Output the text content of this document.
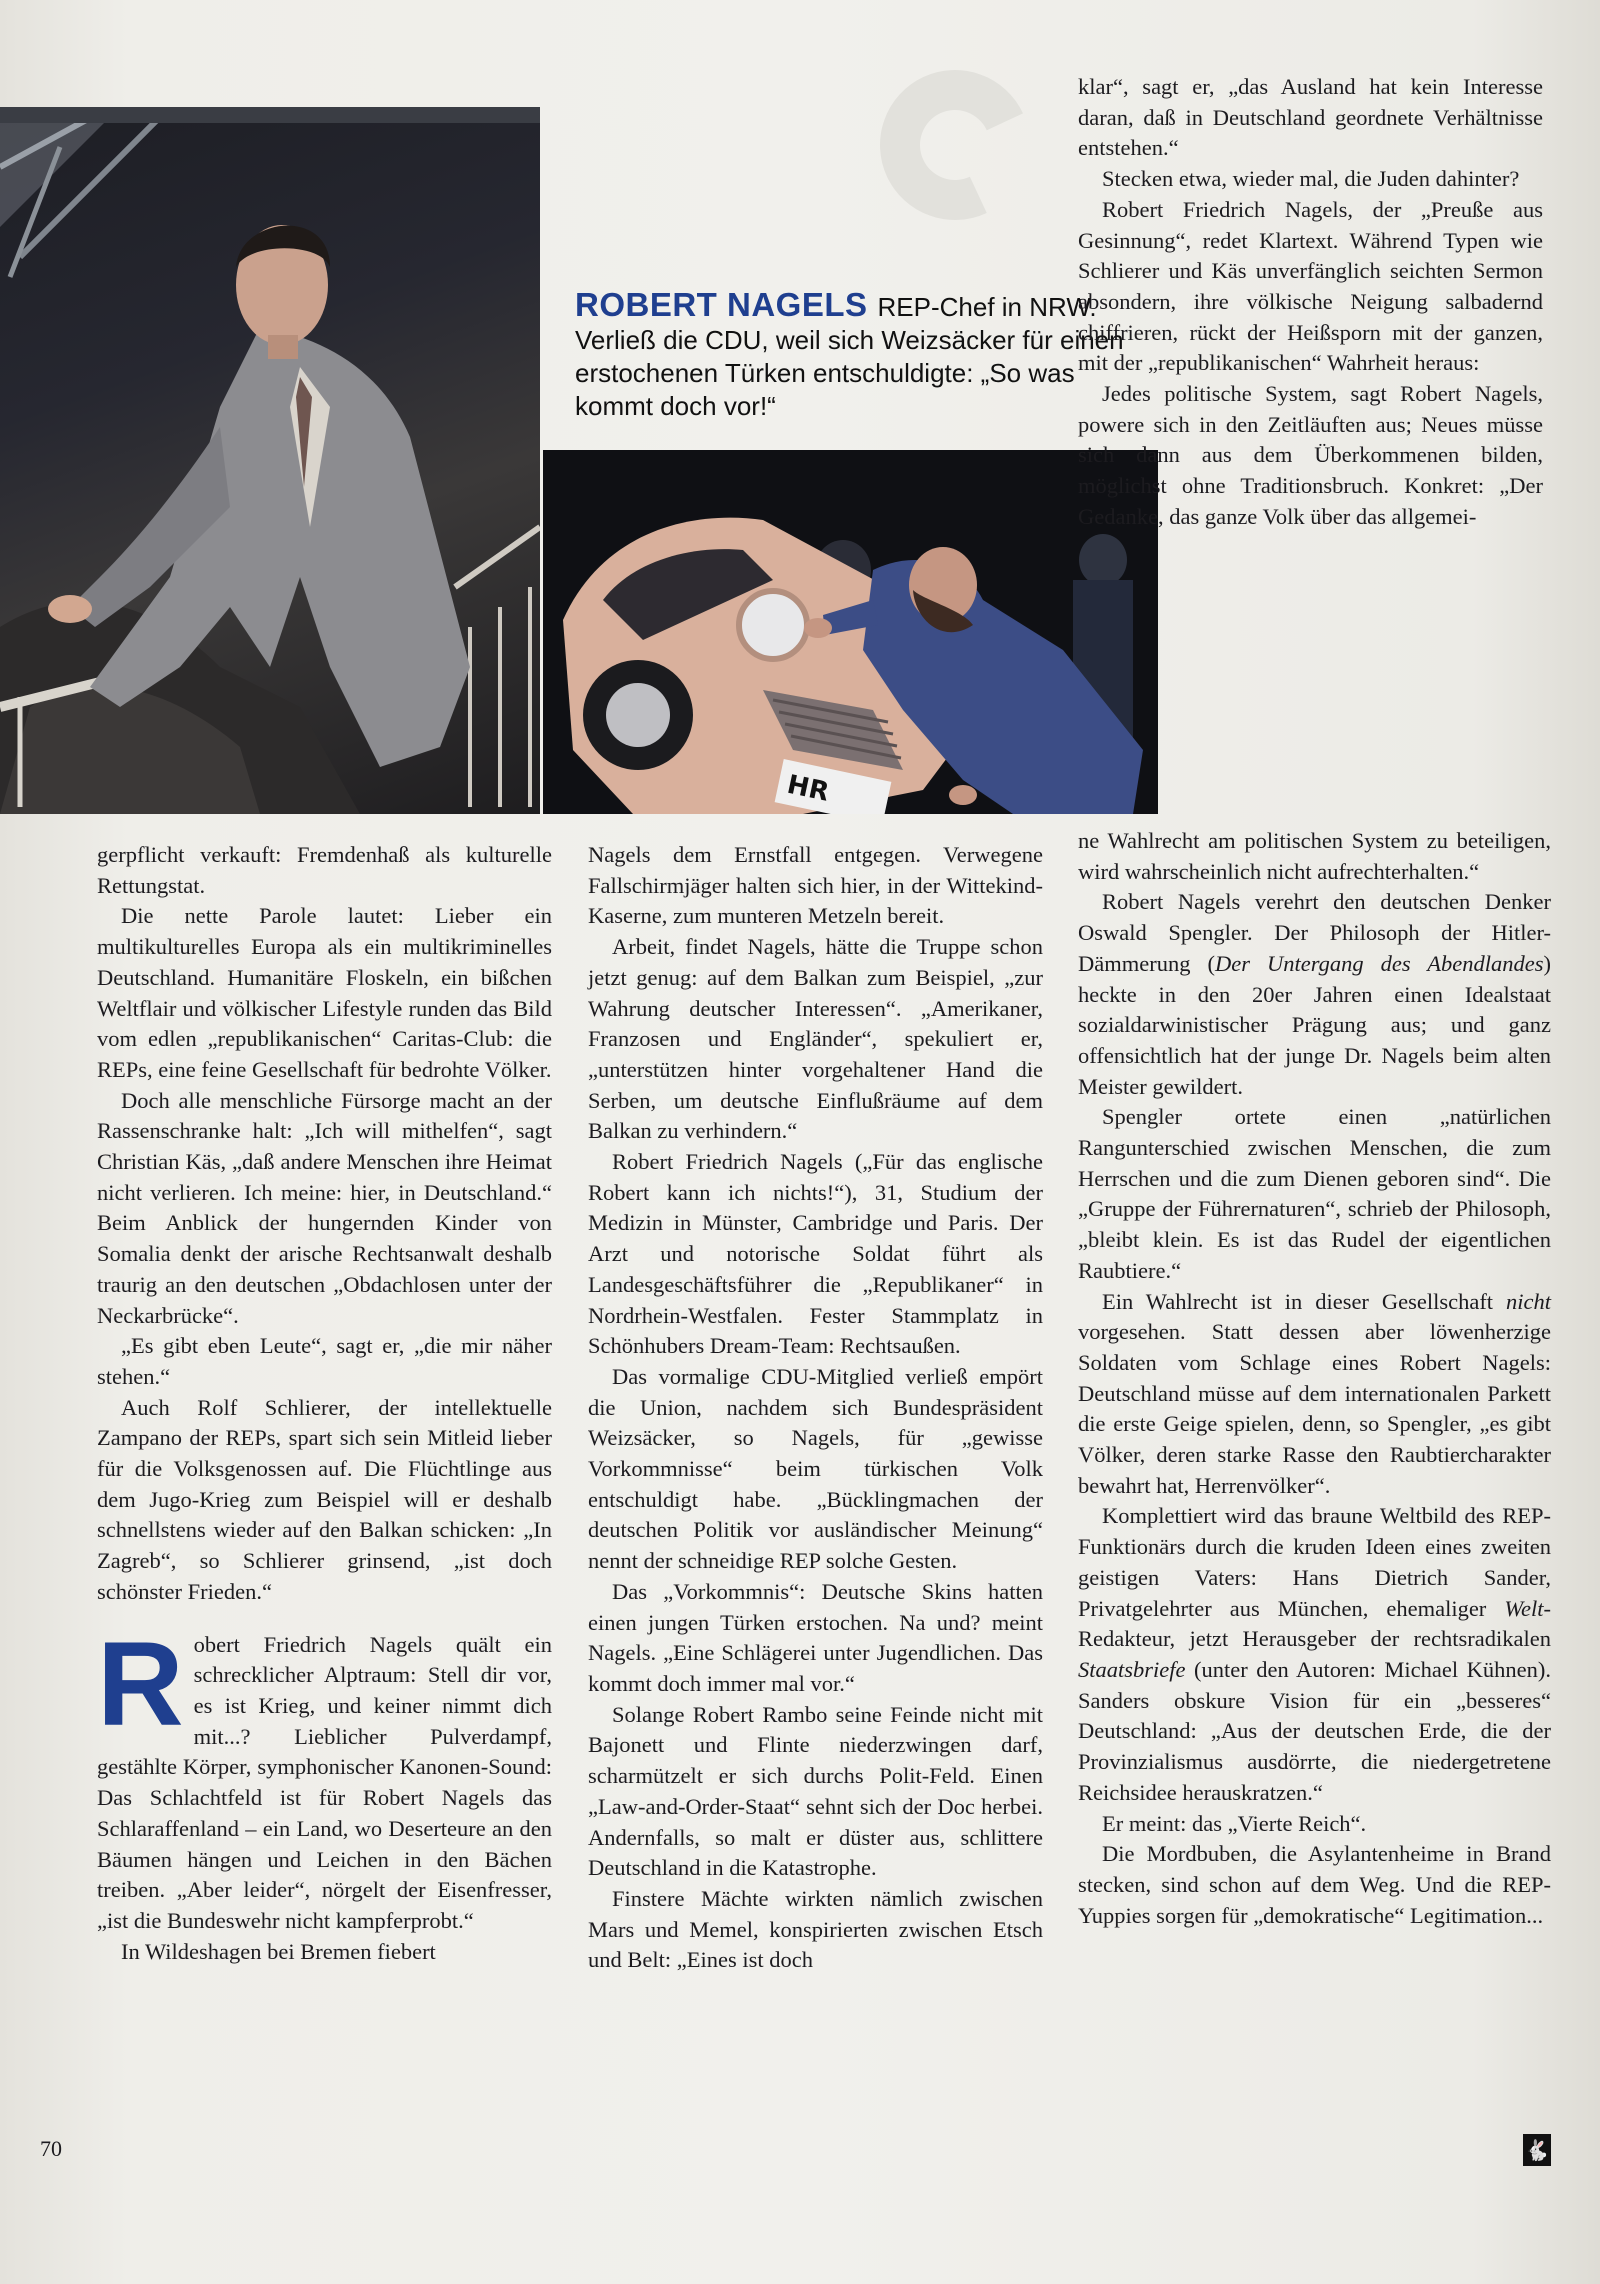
HR
ROBERT NAGELS REP-Chef in NRW. Verließ die CDU, weil sich Weizsäcker für einen erstochenen Türken entschuldigte: „So was kommt doch vor!“

gerpflicht verkauft: Fremdenhaß als kulturelle Rettungstat.

Die nette Parole lautet: Lieber ein multikulturelles Europa als ein multikriminelles Deutschland. Humanitäre Floskeln, ein bißchen Weltflair und völkischer Lifestyle runden das Bild vom edlen „republikanischen“ Caritas-Club: die REPs, eine feine Gesellschaft für bedrohte Völker.

Doch alle menschliche Fürsorge macht an der Rassenschranke halt: „Ich will mithelfen“, sagt Christian Käs, „daß andere Menschen ihre Heimat nicht verlieren. Ich meine: hier, in Deutschland.“ Beim Anblick der hungernden Kinder von Somalia denkt der arische Rechtsanwalt deshalb traurig an den deutschen „Obdachlosen unter der Neckarbrücke“.

„Es gibt eben Leute“, sagt er, „die mir näher stehen.“

Auch Rolf Schlierer, der intellektuelle Zampano der REPs, spart sich sein Mitleid lieber für die Volksgenossen auf. Die Flüchtlinge aus dem Jugo-Krieg zum Beispiel will er deshalb schnellstens wieder auf den Balkan schicken: „In Zagreb“, so Schlierer grinsend, „ist doch schönster Frieden.“

R obert Friedrich Nagels quält ein schrecklicher Alptraum: Stell dir vor, es ist Krieg, und keiner nimmt dich mit...? Lieblicher Pulverdampf, gestählte Körper, symphonischer Kanonen-Sound: Das Schlachtfeld ist für Robert Nagels das Schlaraffenland – ein Land, wo Deserteure an den Bäumen hängen und Leichen in den Bächen treiben. „Aber leider“, nörgelt der Eisenfresser, „ist die Bundeswehr nicht kampferprobt.“

In Wildeshagen bei Bremen fiebert

Nagels dem Ernstfall entgegen. Verwegene Fallschirmjäger halten sich hier, in der Wittekind-Kaserne, zum munteren Metzeln bereit.

Arbeit, findet Nagels, hätte die Truppe schon jetzt genug: auf dem Balkan zum Beispiel, „zur Wahrung deutscher Interessen“. „Amerikaner, Franzosen und Engländer“, spekuliert er, „unterstützen hinter vorgehaltener Hand die Serben, um deutsche Einflußräume auf dem Balkan zu verhindern.“

Robert Friedrich Nagels („Für das englische Robert kann ich nichts!“), 31, Studium der Medizin in Münster, Cambridge und Paris. Der Arzt und notorische Soldat führt als Landesgeschäftsführer die „Republikaner“ in Nordrhein-Westfalen. Fester Stammplatz in Schönhubers Dream-Team: Rechtsaußen.

Das vormalige CDU-Mitglied verließ empört die Union, nachdem sich Bundespräsident Weizsäcker, so Nagels, für „gewisse Vorkommnisse“ beim türkischen Volk entschuldigt habe. „Bücklingmachen der deutschen Politik vor ausländischer Meinung“ nennt der schneidige REP solche Gesten.

Das „Vorkommnis“: Deutsche Skins hatten einen jungen Türken erstochen. Na und? meint Nagels. „Eine Schlägerei unter Jugendlichen. Das kommt doch immer mal vor.“

Solange Robert Rambo seine Feinde nicht mit Bajonett und Flinte niederzwingen darf, scharmützelt er sich durchs Polit-Feld. Einen „Law-and-Order-Staat“ sehnt sich der Doc herbei. Andernfalls, so malt er düster aus, schlittere Deutschland in die Katastrophe.

Finstere Mächte wirkten nämlich zwischen Mars und Memel, konspirierten zwischen Etsch und Belt: „Eines ist doch

klar“, sagt er, „das Ausland hat kein Interesse daran, daß in Deutschland geordnete Verhältnisse entstehen.“

Stecken etwa, wieder mal, die Juden dahinter?

Robert Friedrich Nagels, der „Preuße aus Gesinnung“, redet Klartext. Während Typen wie Schlierer und Käs unverfänglich seichten Sermon absondern, ihre völkische Neigung salbadernd chiffrieren, rückt der Heißsporn mit der ganzen, mit der „republikanischen“ Wahrheit heraus:

Jedes politische System, sagt Robert Nagels, powere sich in den Zeitläuften aus; Neues müsse sich dann aus dem Überkommenen bilden, möglichst ohne Traditionsbruch. Konkret: „Der Gedanke, das ganze Volk über das allgemei-

ne Wahlrecht am politischen System zu beteiligen, wird wahrscheinlich nicht aufrechterhalten.“

Robert Nagels verehrt den deutschen Denker Oswald Spengler. Der Philosoph der Hitler-Dämmerung (Der Untergang des Abendlandes) heckte in den 20er Jahren einen Idealstaat sozialdarwinistischer Prägung aus; und ganz offensichtlich hat der junge Dr. Nagels beim alten Meister gewildert.

Spengler ortete einen „natürlichen Rangunterschied zwischen Menschen, die zum Herrschen und die zum Dienen geboren sind“. Die „Gruppe der Führernaturen“, schrieb der Philosoph, „bleibt klein. Es ist das Rudel der eigentlichen Raubtiere.“

Ein Wahlrecht ist in dieser Gesellschaft nicht vorgesehen. Statt dessen aber löwenherzige Soldaten vom Schlage eines Robert Nagels: Deutschland müsse auf dem internationalen Parkett die erste Geige spielen, denn, so Spengler, „es gibt Völker, deren starke Rasse den Raubtiercharakter bewahrt hat, Herrenvölker“.

Komplettiert wird das braune Weltbild des REP-Funktionärs durch die kruden Ideen eines zweiten geistigen Vaters: Hans Dietrich Sander, Privatgelehrter aus München, ehemaliger Welt-Redakteur, jetzt Herausgeber der rechtsradikalen Staatsbriefe (unter den Autoren: Michael Kühnen). Sanders obskure Vision für ein „besseres“ Deutschland: „Aus der deutschen Erde, die der Provinzialismus ausdörrte, die niedergetretene Reichsidee herauskratzen.“

Er meint: das „Vierte Reich“.

Die Mordbuben, die Asylantenheime in Brand stecken, sind schon auf dem Weg. Und die REP-Yuppies sorgen für „demokratische“ Legitimation...

70	🐇
